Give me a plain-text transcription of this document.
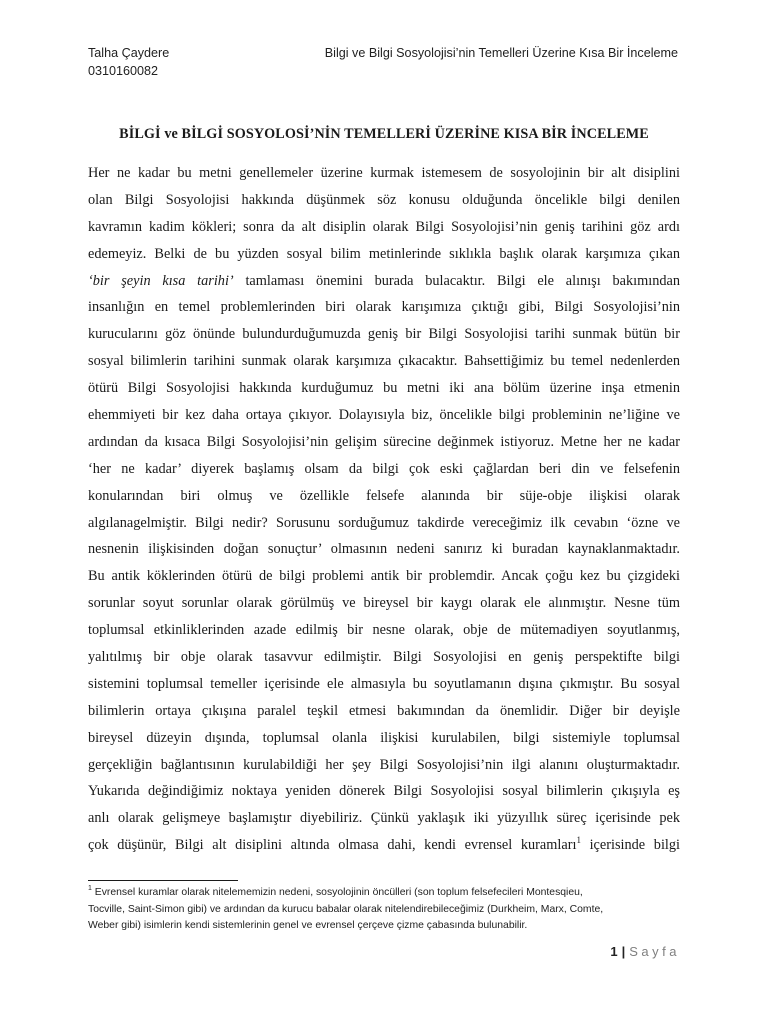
Talha Çaydere
0310160082
Bilgi ve Bilgi Sosyolojisi’nin Temelleri Üzerine Kısa Bir İnceleme
BİLGİ ve BİLGİ SOSYOLOSİ’NİN TEMELLERİ ÜZERİNE KISA BİR İNCELEME
Her ne kadar bu metni genellemeler üzerine kurmak istemesem de sosyolojinin bir alt disiplini
olan Bilgi Sosyolojisi hakkında düşünmek söz konusu olduğunda öncelikle bilgi denilen
kavramın kadim kökleri; sonra da alt disiplin olarak Bilgi Sosyolojisi’nin geniş tarihini göz ardı
edemeyiz. Belki de bu yüzden sosyal bilim metinlerinde sıklıkla başlık olarak karşımıza çıkan
‘bir şeyin kısa tarihi’ tamlaması önemini burada bulacaktır. Bilgi ele alınışı bakımından
insanlığın en temel problemlerinden biri olarak karışımıza çıktığı gibi, Bilgi Sosyolojisi’nin
kurucularını göz önünde bulundurduğumuzda geniş bir Bilgi Sosyolojisi tarihi sunmak bütün bir
sosyal bilimlerin tarihini sunmak olarak karşımıza çıkacaktır. Bahsettiğimiz bu temel nedenlerden
ötürü Bilgi Sosyolojisi hakkında kurduğumuz bu metni iki ana bölüm üzerine inşa etmenin
ehemmiyeti bir kez daha ortaya çıkıyor. Dolayısıyla biz, öncelikle bilgi probleminin ne’liğine ve
ardından da kısaca Bilgi Sosyolojisi’nin gelişim sürecine değinmek istiyoruz. Metne her ne kadar
‘her ne kadar’ diyerek başlamış olsam da bilgi çok eski çağlardan beri din ve felsefenin
konularından biri olmuş ve özellikle felsefe alanında bir süje-obje ilişkisi olarak
algılanagelmiştir. Bilgi nedir? Sorusunu sorduğumuz takdirde vereceğimiz ilk cevabın ‘özne ve
nesnenin ilişkisinden doğan sonuçtur’ olmasının nedeni sanırız ki buradan kaynaklanmaktadır.
Bu antik köklerinden ötürü de bilgi problemi antik bir problemdir. Ancak çoğu kez bu çizgideki
sorunlar soyut sorunlar olarak görülmüş ve bireysel bir kaygı olarak ele alınmıştır. Nesne tüm
toplumsal etkinliklerinden azade edilmiş bir nesne olarak, obje de mütemadiyen soyutlanmış,
yalıtılmış bir obje olarak tasavvur edilmiştir. Bilgi Sosyolojisi en geniş perspektifte bilgi
sistemini toplumsal temeller içerisinde ele almasıyla bu soyutlamanın dışına çıkmıştır. Bu sosyal
bilimlerin ortaya çıkışına paralel teşkil etmesi bakımından da önemlidir. Diğer bir deyişle
bireysel düzeyin dışında, toplumsal olanla ilişkisi kurulabilen, bilgi sistemiyle toplumsal
gerçekliğin bağlantısının kurulabildiği her şey Bilgi Sosyolojisi’nin ilgi alanını oluşturmaktadır.
Yukarıda değindiğimiz noktaya yeniden dönerek Bilgi Sosyolojisi sosyal bilimlerin çıkışıyla eş
anlı olarak gelişmeye başlamıştır diyebiliriz. Çünkü yaklaşık iki yüzyıllık süreç içerisinde pek
çok düşünür, Bilgi alt disiplini altında olmasa dahi, kendi evrensel kuramları$^1$ içerisinde bilgi
$^1$ Evrensel kuramlar olarak nitelememizin nedeni, sosyolojinin öncülleri (son toplum felsefecileri Montesqieu,
Tocville, Saint-Simon gibi) ve ardından da kurucu babalar olarak nitelendirebileceğimiz (Durkheim, Marx, Comte,
Weber gibi) isimlerin kendi sistemlerinin genel ve evrensel çerçeve çizme çabasında bulunabilir.
1 | Sayfa
